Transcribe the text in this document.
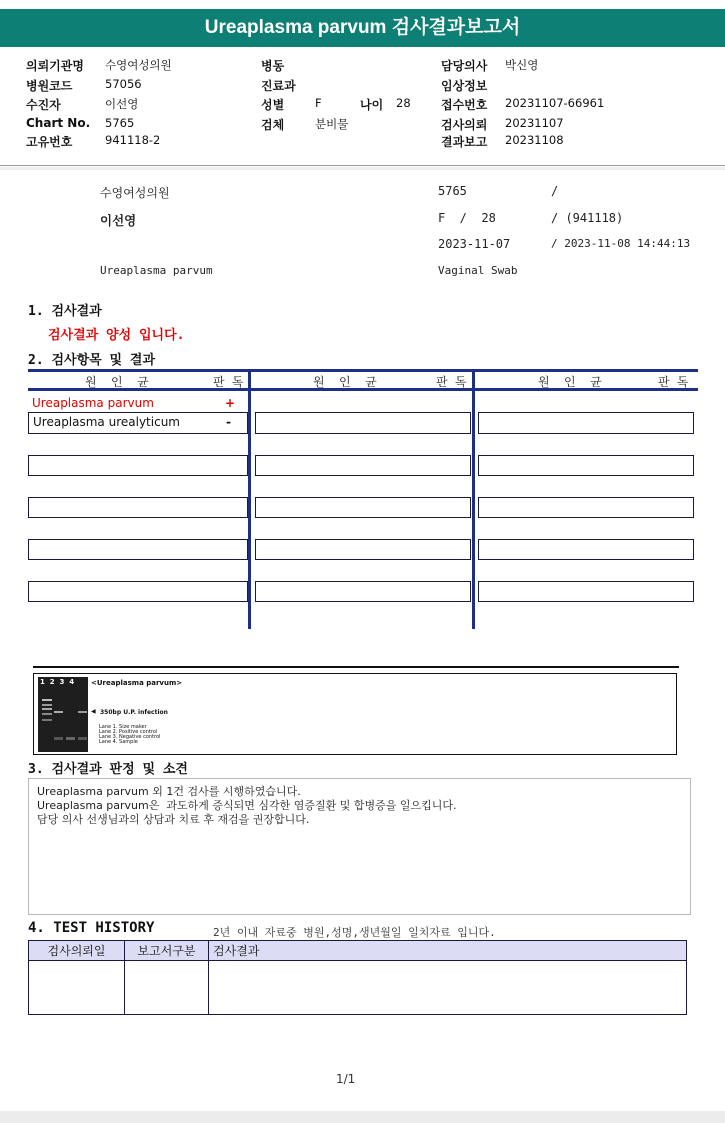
Ureaplasma parvum 검사결과보고서
의뢰기관명 수영여성의원
병원코드	57056
수진자	이선영
Chart No. 5765
고유번호	941118-2
병동
진료과
성별	F	나이 28
검체	분비물
담당의사 박신영
임상정보
접수번호 20231107-66961
검사의뢰 20231107
결과보고 20231108
수영여성의원	5765	/
이선영	F  /  28	/ (941118)
2023-11-07	/ 2023-11-08 14:44:13
Ureaplasma parvum	Vaginal Swab
1. 검사결과
검사결과 양성 입니다.
2. 검사항목 및 결과
원  인  균	판 독	원  인  균	판 독	원  인  균	판 독
Ureaplasma parvum	+
Ureaplasma urealyticum	-
1  2  3  4 <Ureaplasma parvum>
◀ 350bp U.P. infection
Lane 1. Size maker
Lane 2. Positive control
Lane 3. Negative control
Lane 4. Sample
3. 검사결과 판정 및 소견
Ureaplasma parvum 외 1건 검사를 시행하였습니다.
Ureaplasma parvum은  과도하게 증식되면 심각한 염증질환 및 합병증을 일으킵니다.
담당 의사 선생님과의 상담과 치료 후 재검을 권장합니다.
4. TEST HISTORY	2년 이내 자료중 병원,성명,생년월일 일치자료 입니다.
검사의뢰일	보고서구분	검사결과

1/1
